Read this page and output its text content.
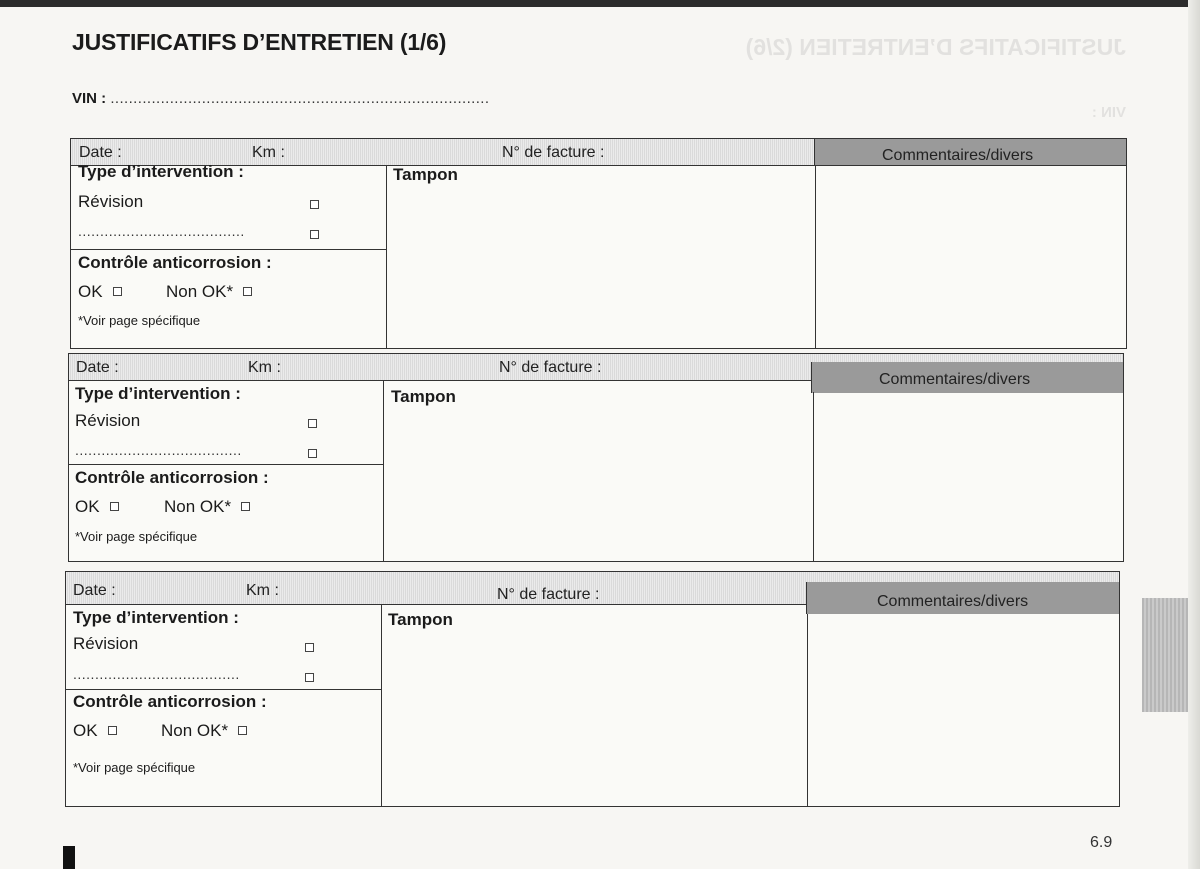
JUSTIFICATIFS D’ENTRETIEN (2/6)
VIN :
JUSTIFICATIFS D’ENTRETIEN (1/6)
VIN : ...................................................................................
Date :	Km :	N° de facture :	Commentaires/divers
Type d’intervention :
Révision
......................................
Tampon
Contrôle anticorrosion :
OK	Non OK*
*Voir page spécifique
Date :	Km :	N° de facture :
Commentaires/divers
Type d’intervention :
Révision
......................................
Tampon
Contrôle anticorrosion :
OK	Non OK*
*Voir page spécifique
Date :	Km :	N° de facture :	Commentaires/divers
Type d’intervention :
Révision
......................................
Tampon
Contrôle anticorrosion :
OK	Non OK*
*Voir page spécifique
6.9
